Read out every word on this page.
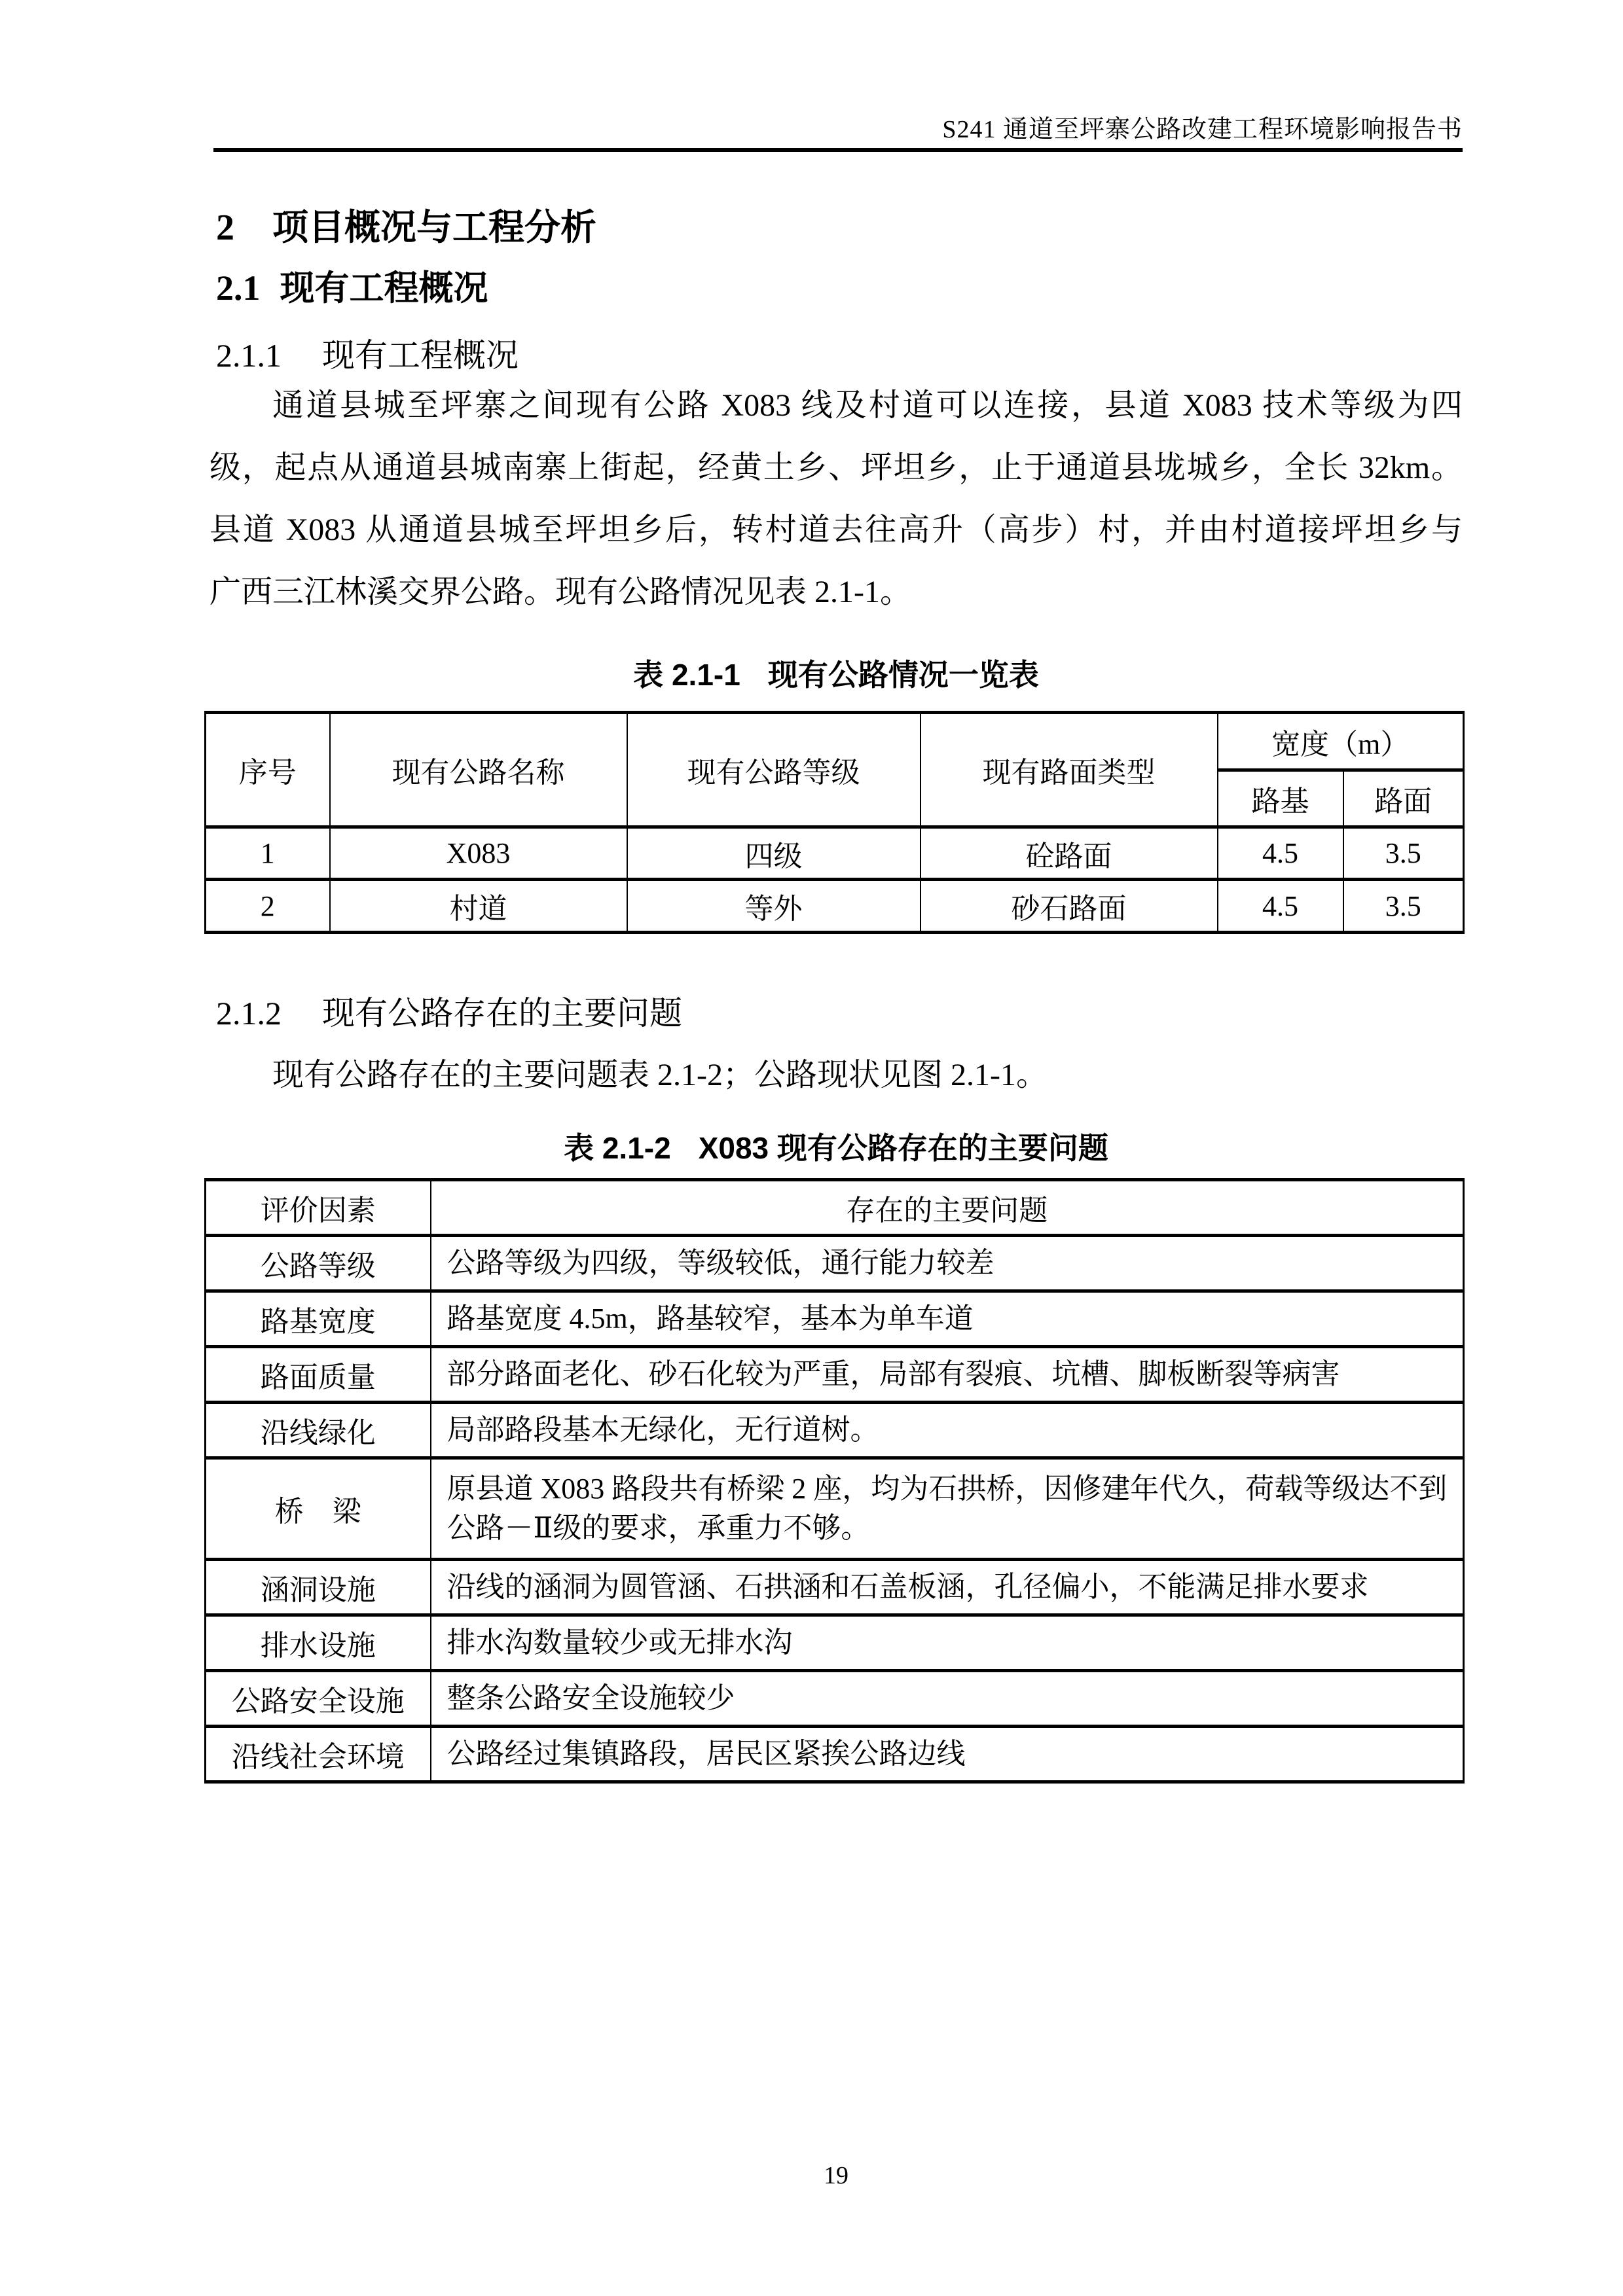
S241 通道至坪寨公路改建工程环境影响报告书
2 项目概况与工程分析
2.1 现有工程概况
2.1.1 现有工程概况
通道县城至坪寨之间现有公路 X083 线及村道可以连接，县道 X083 技术等级为四
级，起点从通道县城南寨上街起，经黄土乡、坪坦乡，止于通道县垅城乡，全长 32km。
县道 X083 从通道县城至坪坦乡后，转村道去往高升（高步）村，并由村道接坪坦乡与
广西三江林溪交界公路。现有公路情况见表 2.1-1。
表 2.1-1 现有公路情况一览表
序号	现有公路名称	现有公路等级	现有路面类型	宽度（m）	
				路基	路面
1	X083	四级	砼路面	4.5	3.5
2	村道	等外	砂石路面	4.5	3.5
2.1.2 现有公路存在的主要问题
现有公路存在的主要问题表 2.1-2；公路现状见图 2.1-1。
表 2.1-2 X083 现有公路存在的主要问题
评价因素	存在的主要问题
公路等级	公路等级为四级，等级较低，通行能力较差
路基宽度	路基宽度 4.5m，路基较窄，基本为单车道
路面质量	部分路面老化、砂石化较为严重，局部有裂痕、坑槽、脚板断裂等病害
沿线绿化	局部路段基本无绿化，无行道树。
桥　梁	原县道 X083 路段共有桥梁 2 座，均为石拱桥，因修建年代久，荷载等级达不到公路－Ⅱ级的要求，承重力不够。
涵洞设施	沿线的涵洞为圆管涵、石拱涵和石盖板涵，孔径偏小，不能满足排水要求
排水设施	排水沟数量较少或无排水沟
公路安全设施	整条公路安全设施较少
沿线社会环境	公路经过集镇路段，居民区紧挨公路边线
19
